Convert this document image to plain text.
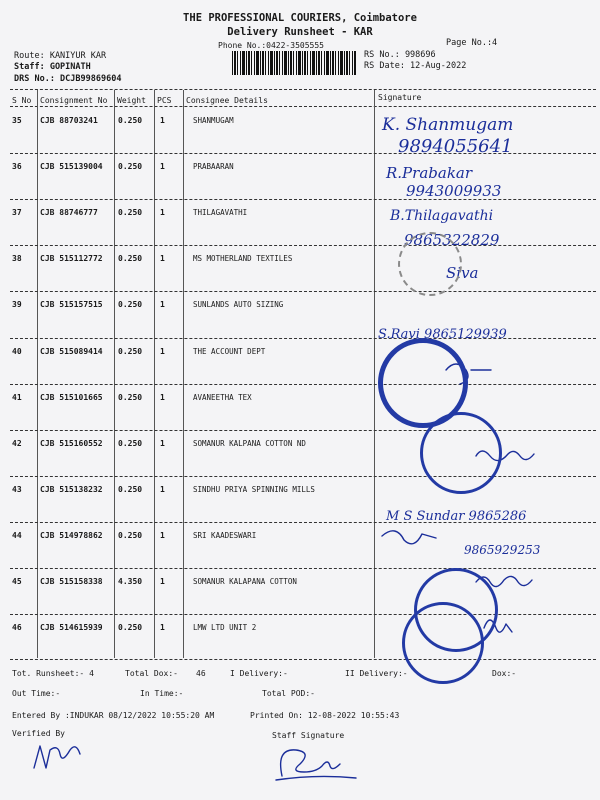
THE PROFESSIONAL COURIERS, Coimbatore
Delivery Runsheet - KAR
Phone No.:0422-3505555	Page No.:4
Route: KANIYUR KAR
Staff: GOPINATH
DRS No.: DCJB99869604
RS No.: 998696
RS Date: 12-Aug-2022
S No Consignment No Weight PCS Consignee Details	Signature
35 CJB 88703241	0.250 1	SHANMUGAM
36 CJB 515139004 0.250 1	PRABAARAN
37 CJB 88746777	0.250 1	THILAGAVATHI
38 CJB 515112772 0.250 1	MS MOTHERLAND TEXTILES
39 CJB 515157515 0.250 1	SUNLANDS AUTO SIZING
40 CJB 515089414 0.250 1	THE ACCOUNT DEPT
41 CJB 515101665 0.250 1	AVANEETHA TEX
42 CJB 515160552 0.250 1	SOMANUR KALPANA COTTON ND
43 CJB 515138232 0.250 1	SINDHU PRIYA SPINNING MILLS
44 CJB 514978862 0.250 1	SRI KAADESWARI
45 CJB 515158338 4.350 1	SOMANUR KALAPANA COTTON
46 CJB 514615939 0.250 1	LMW LTD UNIT 2
K. Shanmugam
9894055641
R.Prabakar
9943009933
B.Thilagavathi
9865322829
Siva
S.Ravi 9865129939
M S Sundar 9865286
9865929253
Tot. Runsheet:- 4	Total Dox:- 46	I Delivery:-	II Delivery:-	Dox:-
Out Time:-	In Time:-	Total POD:-
Entered By :INDUKAR 08/12/2022 10:55:20 AM	Printed On: 12-08-2022 10:55:43
Verified By	Staff Signature
